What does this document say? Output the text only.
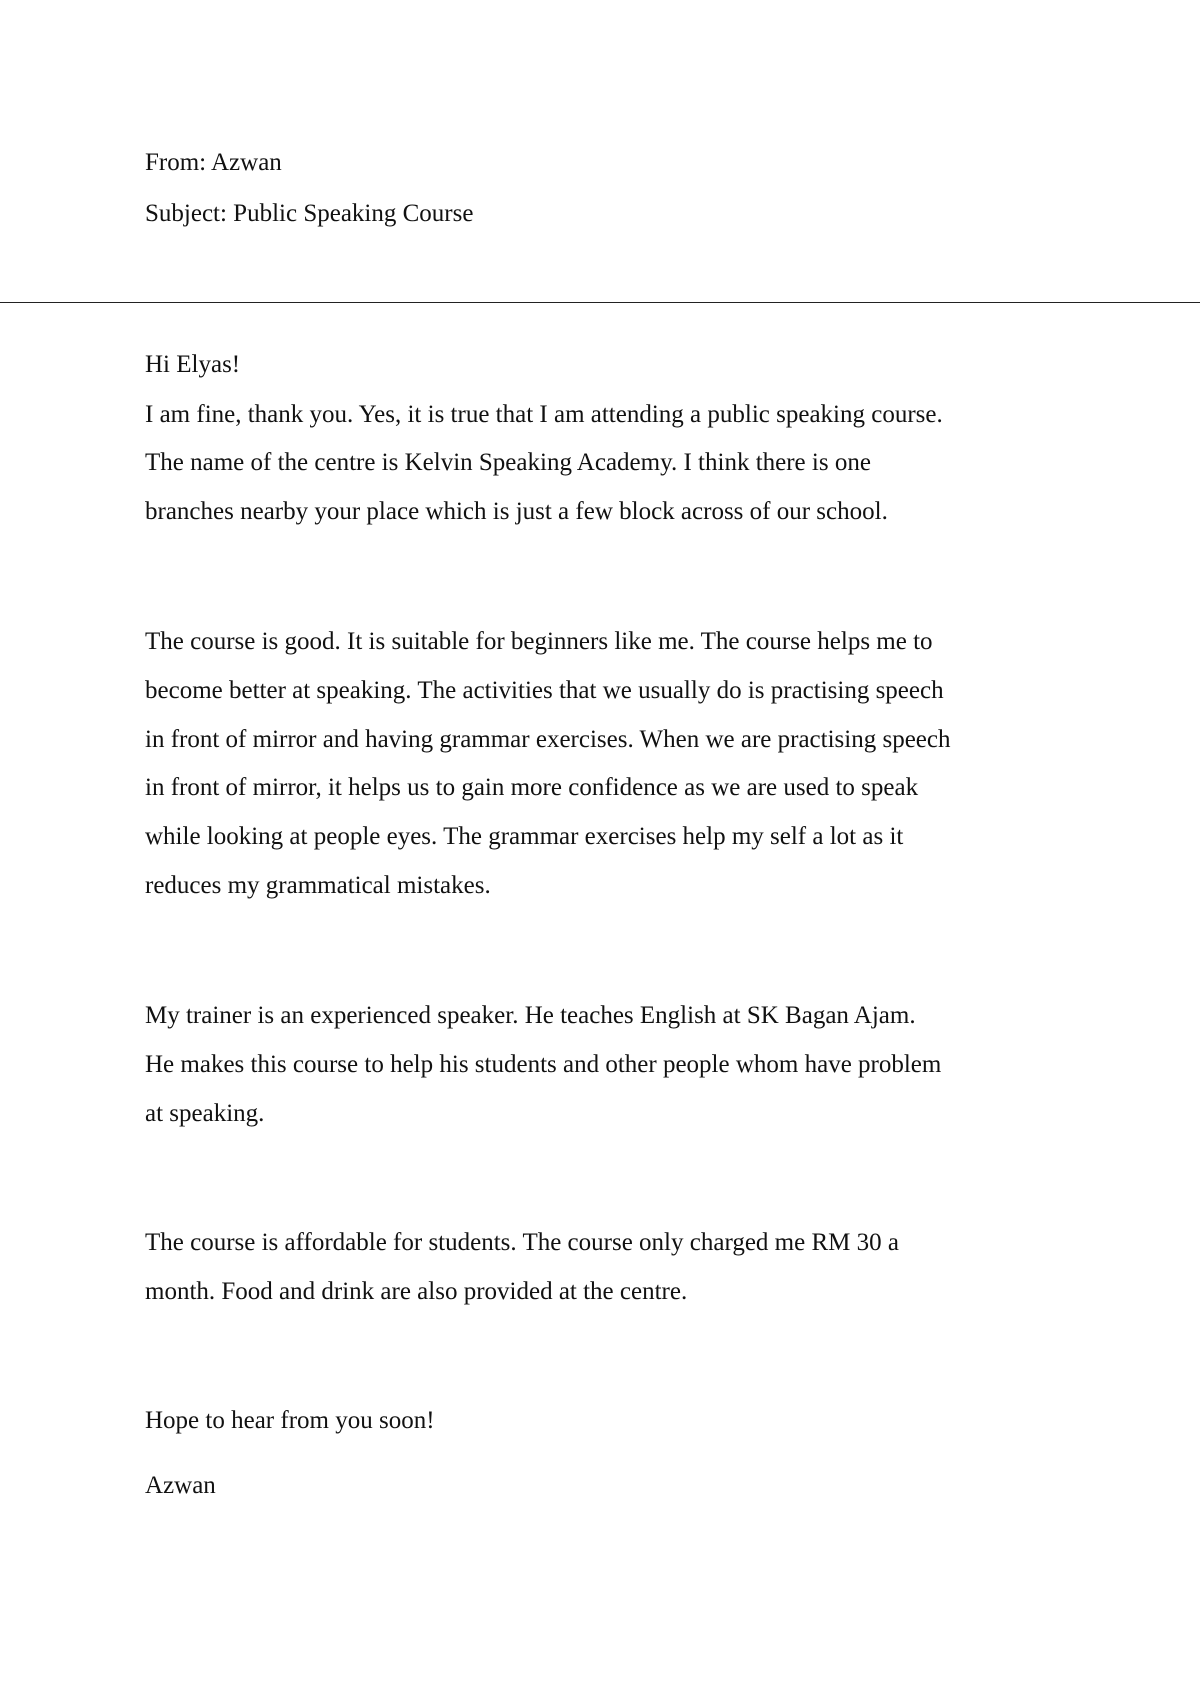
From: Azwan

Subject: Public Speaking Course

Hi Elyas!

I am fine, thank you. Yes, it is true that I am attending a public speaking course.

The name of the centre is Kelvin Speaking Academy. I think there is one

branches nearby your place which is just a few block across of our school.

The course is good. It is suitable for beginners like me. The course helps me to

become better at speaking. The activities that we usually do is practising speech

in front of mirror and having grammar exercises. When we are practising speech

in front of mirror, it helps us to gain more confidence as we are used to speak

while looking at people eyes. The grammar exercises help my self a lot as it

reduces my grammatical mistakes.

My trainer is an experienced speaker. He teaches English at SK Bagan Ajam.

He makes this course to help his students and other people whom have problem

at speaking.

The course is affordable for students. The course only charged me RM 30 a

month. Food and drink are also provided at the centre.

Hope to hear from you soon!

Azwan
